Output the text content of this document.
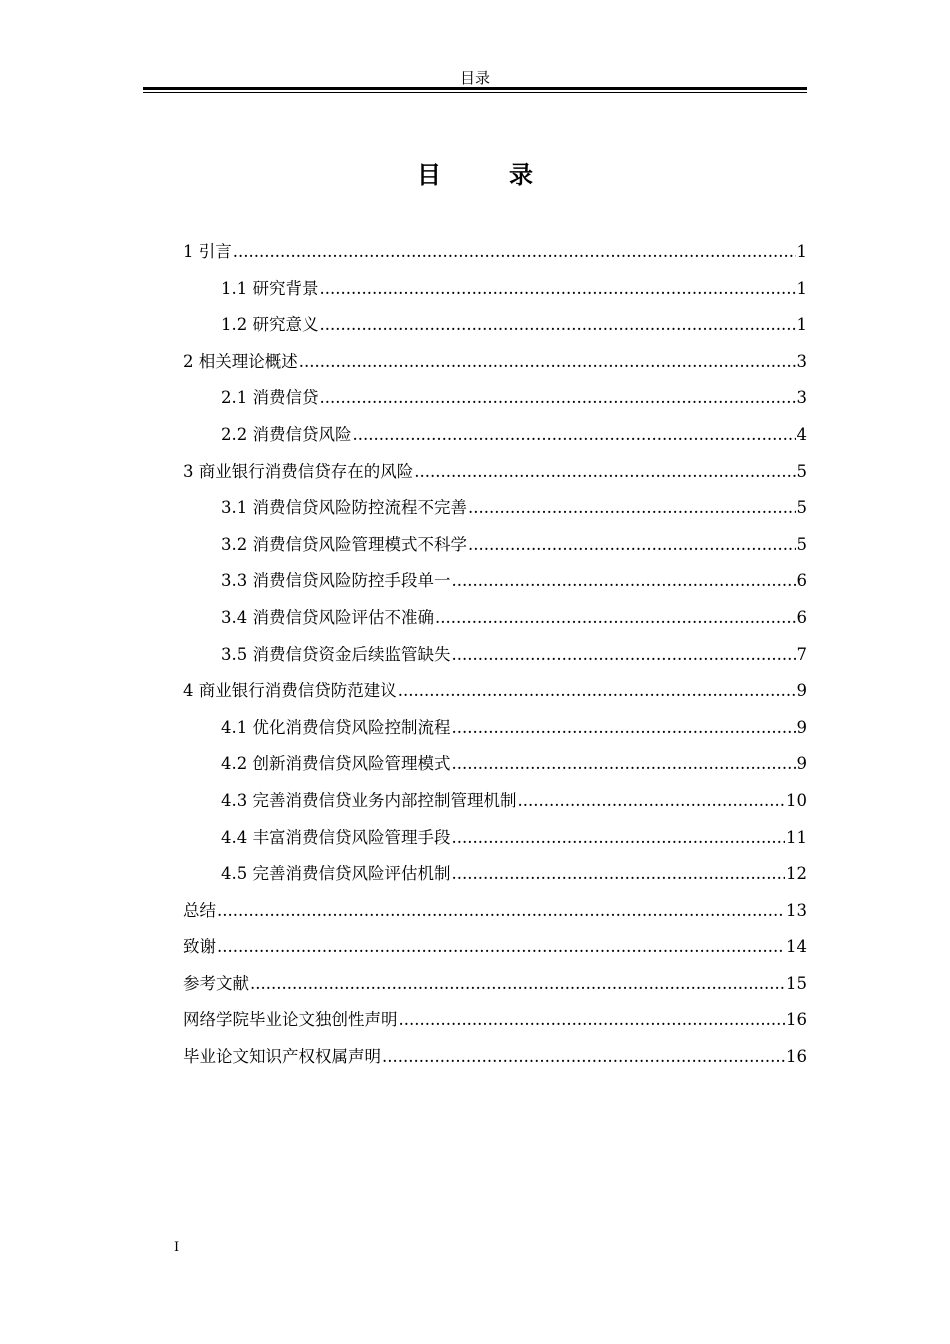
目录
目　录
1 引言 .....	1
1.1 研究背景 .....	1
1.2 研究意义 .....	1
2 相关理论概述 .....	3
2.1 消费信贷 .....	3
2.2 消费信贷风险 .....	4
3 商业银行消费信贷存在的风险 .....	5
3.1 消费信贷风险防控流程不完善 .....	5
3.2 消费信贷风险管理模式不科学 .....	5
3.3 消费信贷风险防控手段单一 .....	6
3.4 消费信贷风险评估不准确 .....	6
3.5 消费信贷资金后续监管缺失 .....	7
4 商业银行消费信贷防范建议 .....	9
4.1 优化消费信贷风险控制流程 .....	9
4.2 创新消费信贷风险管理模式 .....	9
4.3 完善消费信贷业务内部控制管理机制 .....	10
4.4 丰富消费信贷风险管理手段 .....	11
4.5 完善消费信贷风险评估机制 .....	12
总结 .....	13
致谢 .....	14
参考文献 .....	15
网络学院毕业论文独创性声明 .....	16
毕业论文知识产权权属声明 .....	16
I
